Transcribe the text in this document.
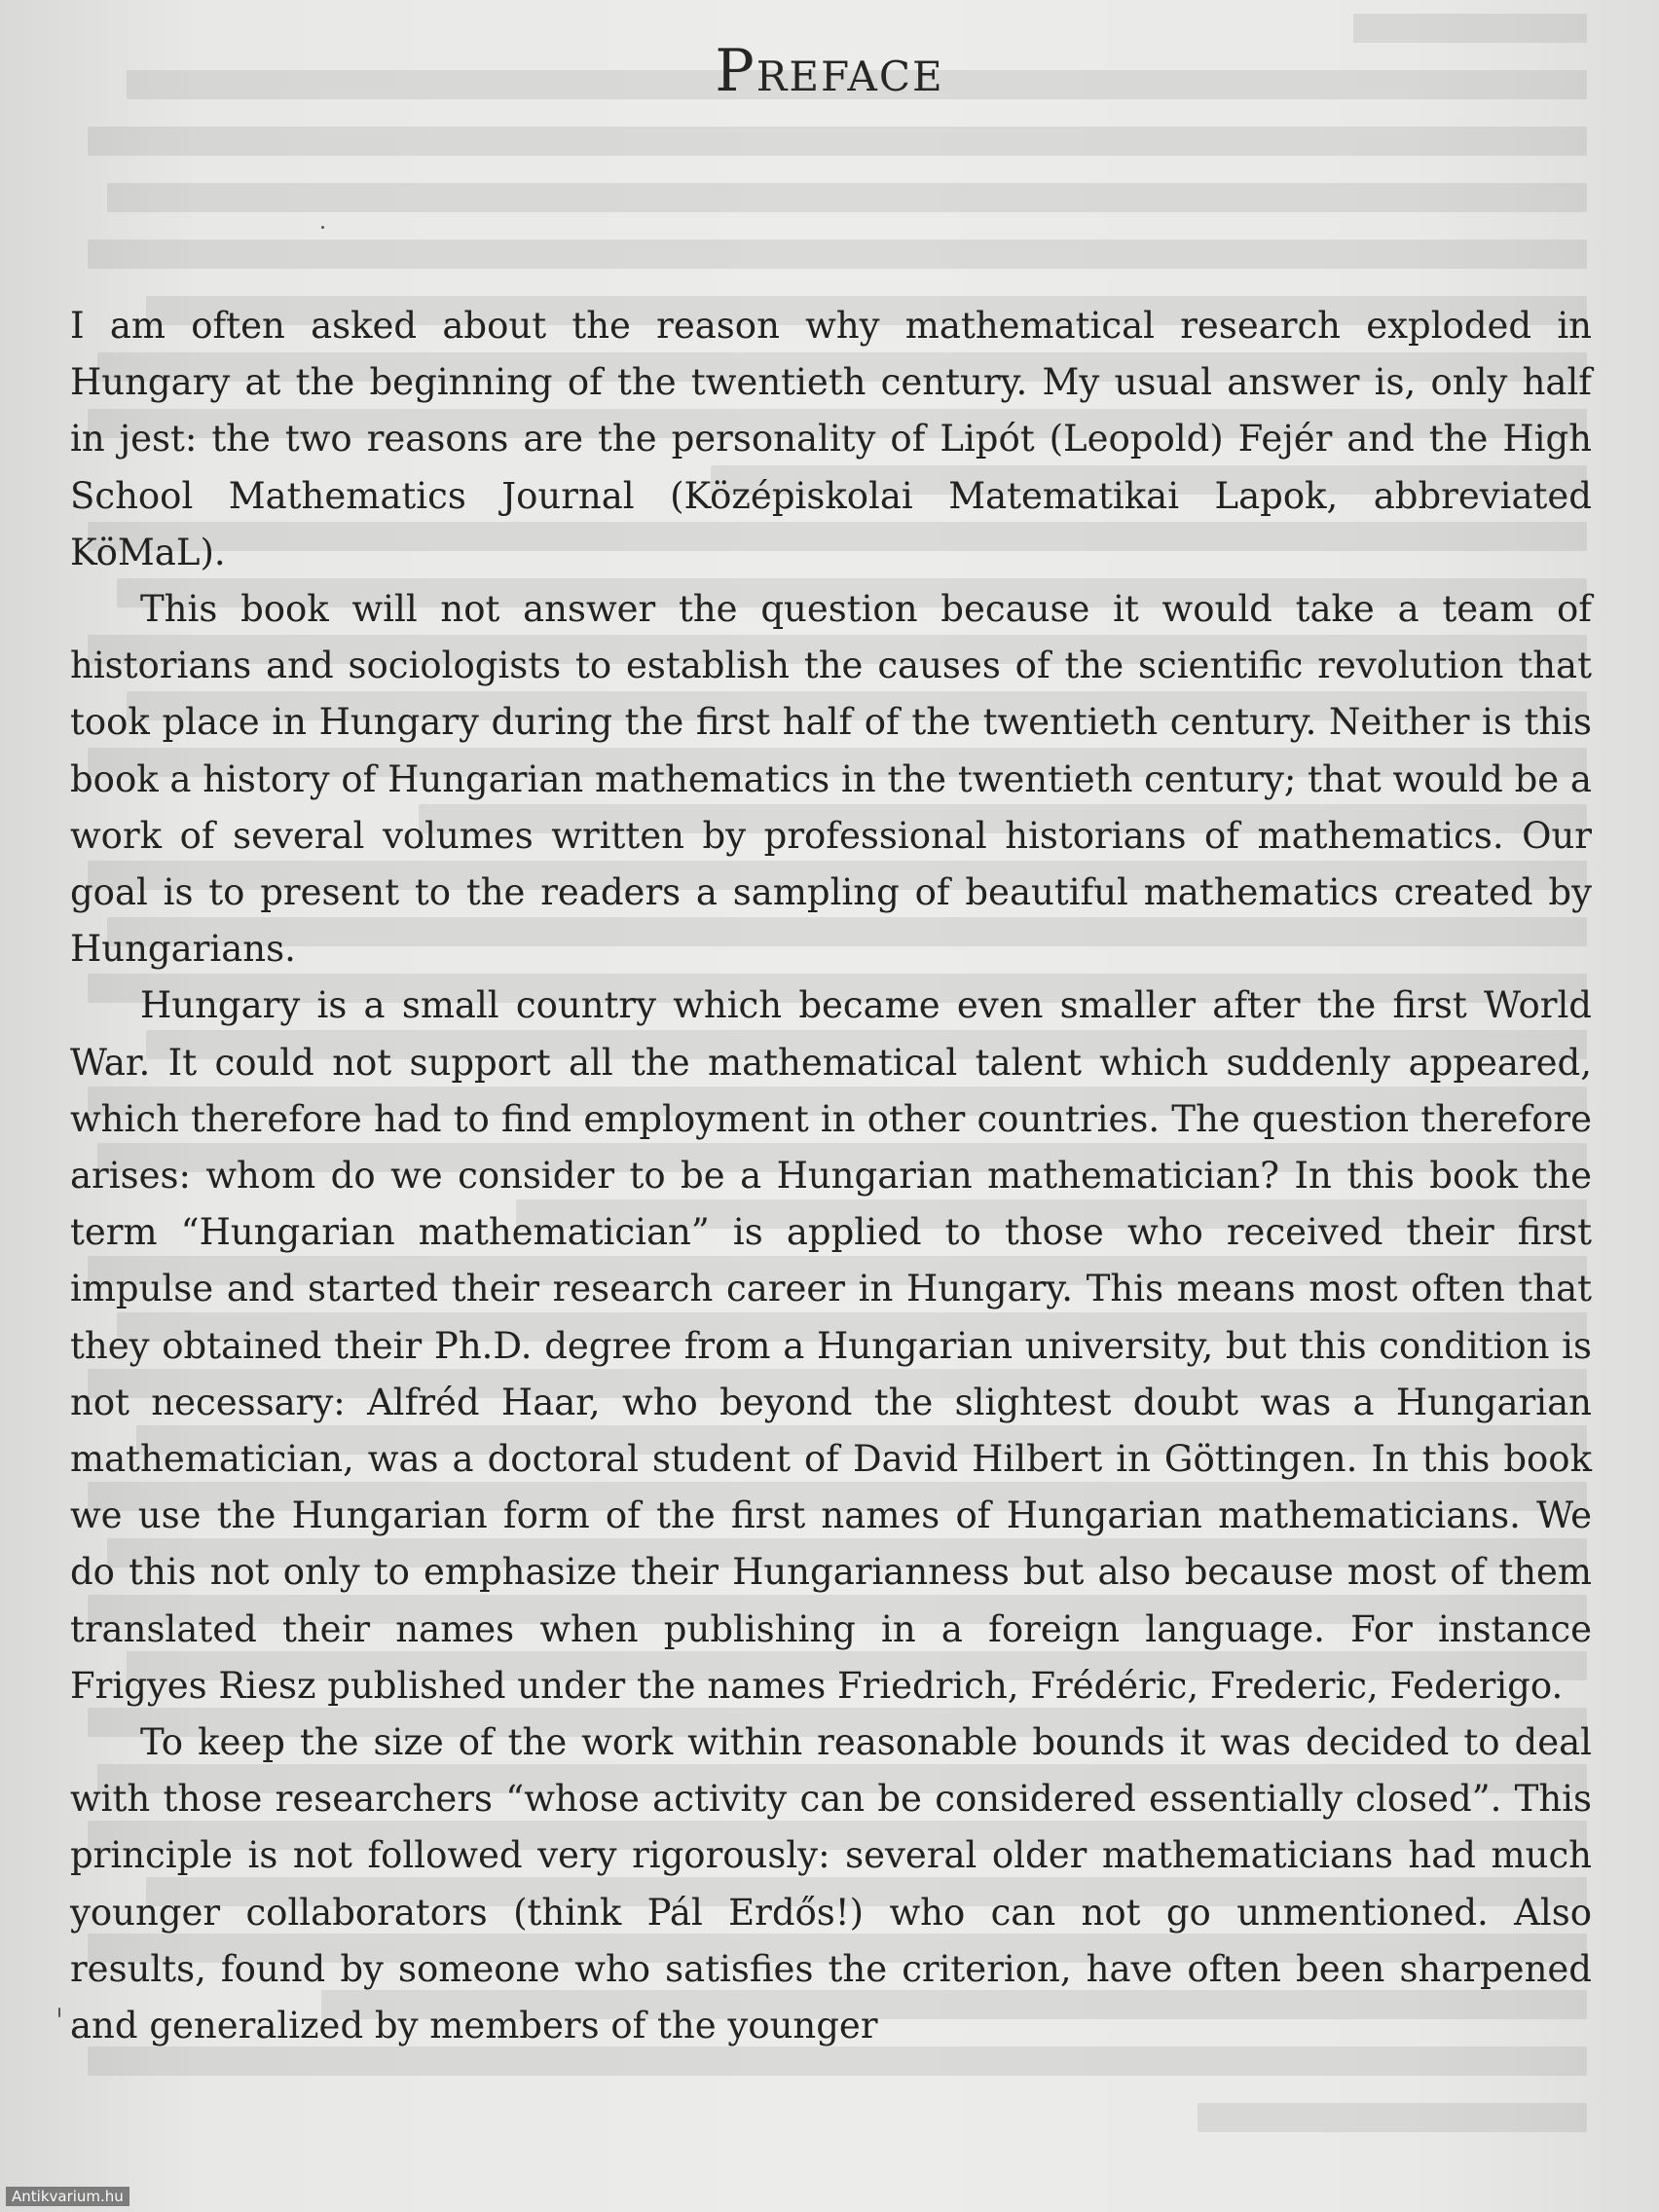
Preface

I am often asked about the reason why mathematical research exploded in Hungary at the beginning of the twentieth century. My usual answer is, only half in jest: the two reasons are the personality of Lipót (Leopold) Fejér and the High School Mathematics Journal (Középiskolai Matematikai Lapok, abbreviated KöMaL).

This book will not answer the question because it would take a team of historians and sociologists to establish the causes of the scientific revolution that took place in Hungary during the first half of the twentieth century. Neither is this book a history of Hungarian mathematics in the twentieth century; that would be a work of several volumes written by professional historians of mathematics. Our goal is to present to the readers a sampling of beautiful mathematics created by Hungarians.

Hungary is a small country which became even smaller after the first World War. It could not support all the mathematical talent which suddenly appeared, which therefore had to find employment in other countries. The question therefore arises: whom do we consider to be a Hungarian mathematician? In this book the term “Hungarian mathematician” is applied to those who received their first impulse and started their research career in Hungary. This means most often that they obtained their Ph.D. degree from a Hungarian university, but this condition is not necessary: Alfréd Haar, who beyond the slightest doubt was a Hungarian mathematician, was a doctoral student of David Hilbert in Göttingen. In this book we use the Hungarian form of the first names of Hungarian mathematicians. We do this not only to emphasize their Hungarianness but also because most of them translated their names when publishing in a foreign language. For instance Frigyes Riesz published under the names Friedrich, Frédéric, Frederic, Federigo.

To keep the size of the work within reasonable bounds it was decided to deal with those researchers “whose activity can be considered essentially closed”. This principle is not followed very rigorously: several older mathematicians had much younger collaborators (think Pál Erdős!) who can not go unmentioned. Also results, found by someone who satisfies the criterion, have often been sharpened and generalized by members of the younger

Antikvarium.hu
